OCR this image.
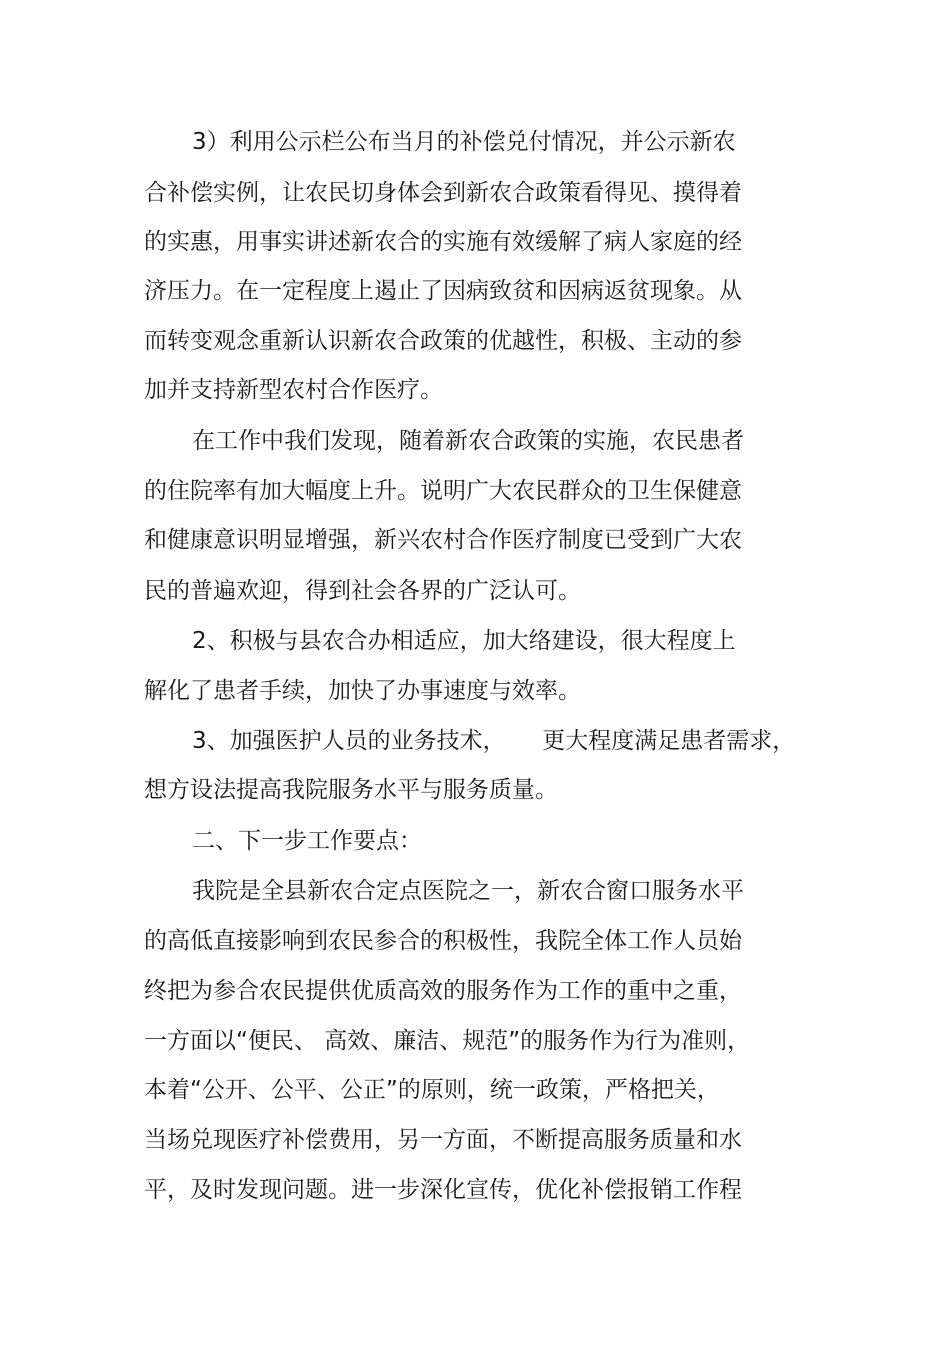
3）利用公示栏公布当月的补偿兑付情况，并公示新农
合补偿实例，让农民切身体会到新农合政策看得见、摸得着
的实惠，用事实讲述新农合的实施有效缓解了病人家庭的经
济压力。在一定程度上遏止了因病致贫和因病返贫现象。从
而转变观念重新认识新农合政策的优越性，积极、主动的参
加并支持新型农村合作医疗。
在工作中我们发现，随着新农合政策的实施，农民患者
的住院率有加大幅度上升。说明广大农民群众的卫生保健意
和健康意识明显增强，新兴农村合作医疗制度已受到广大农
民的普遍欢迎，得到社会各界的广泛认可。
2、积极与县农合办相适应，加大络建设，很大程度上
解化了患者手续，加快了办事速度与效率。
3、加强医护人员的业务技术，     更大程度满足患者需求，
想方设法提高我院服务水平与服务质量。
二、下一步工作要点：
我院是全县新农合定点医院之一，新农合窗口服务水平
的高低直接影响到农民参合的积极性，我院全体工作人员始
终把为参合农民提供优质高效的服务作为工作的重中之重，
一方面以“便民、 高效、廉洁、规范”的服务作为行为准则，
本着“公开、公平、公正”的原则，统一政策，严格把关，
当场兑现医疗补偿费用，另一方面，不断提高服务质量和水
平，及时发现问题。进一步深化宣传，优化补偿报销工作程
